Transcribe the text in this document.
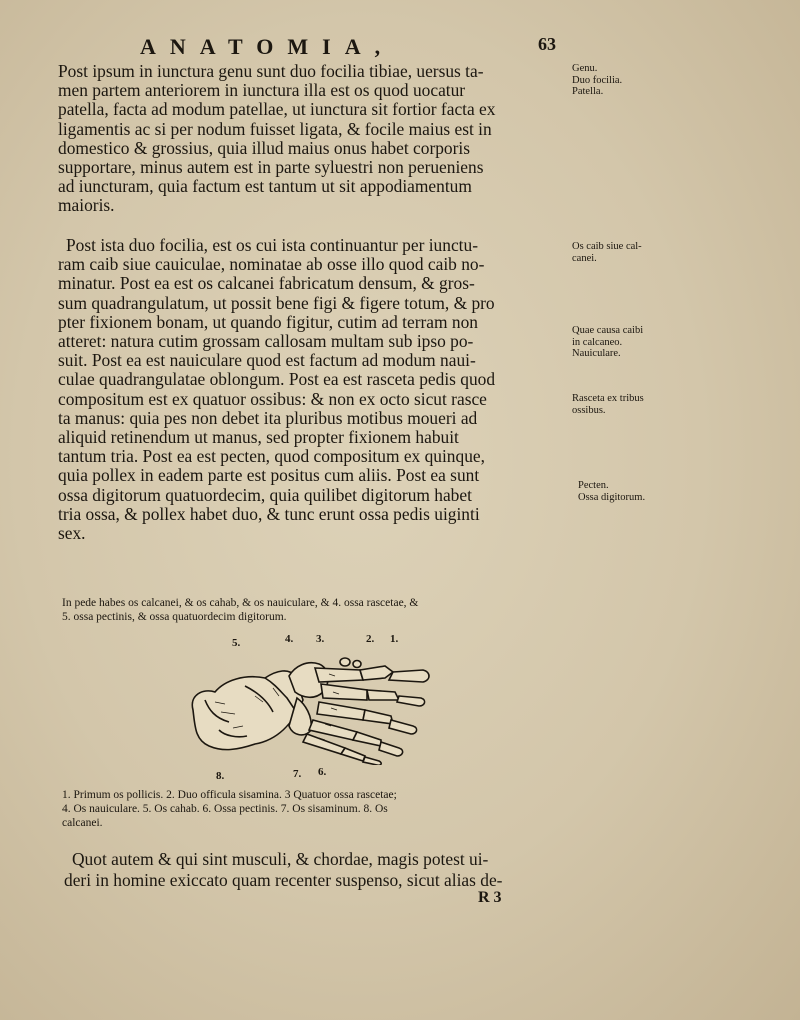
ANATOMIA,	63
Post ipsum in iunctura genu sunt duo focilia tibiae, uersus ta-
men partem anteriorem in iunctura illa est os quod uocatur
patella, facta ad modum patellae, ut iunctura sit fortior facta ex
ligamentis ac si per nodum fuisset ligata, & focile maius est in
domestico & grossius, quia illud maius onus habet corporis
supportare, minus autem est in parte syluestri non perueniens
ad iuncturam, quia factum est tantum ut sit appodiamentum
maioris.
Post ista duo focilia, est os cui ista continuantur per iunctu-
ram caib siue cauiculae, nominatae ab osse illo quod caib no-
minatur. Post ea est os calcanei fabricatum densum, & gros-
sum quadrangulatum, ut possit bene figi & figere totum, & pro
pter fixionem bonam, ut quando figitur, cutim ad terram non
atteret: natura cutim grossam callosam multam sub ipso po-
suit. Post ea est nauiculare quod est factum ad modum naui-
culae quadrangulatae oblongum. Post ea est rasceta pedis quod
compositum est ex quatuor ossibus: & non ex octo sicut rasce
ta manus: quia pes non debet ita pluribus motibus moueri ad
aliquid retinendum ut manus, sed propter fixionem habuit
tantum tria. Post ea est pecten, quod compositum ex quinque,
quia pollex in eadem parte est positus cum aliis. Post ea sunt
ossa digitorum quatuordecim, quia quilibet digitorum habet
tria ossa, & pollex habet duo, & tunc erunt ossa pedis uiginti
sex.
Genu.
Duo focilia.
Patella.
Os caib siue cal-
canei.
Quae causa caibi
in calcaneo.
Nauiculare.
Rasceta ex tribus
ossibus.
Pecten.
Ossa digitorum.
In pede habes os calcanei, & os cahab, & os nauiculare, & 4. ossa rascetae, &
5. ossa pectinis, & ossa quatuordecim digitorum.
5.	4. 3.	2. 1.
8.	7. 6.
1. Primum os pollicis. 2. Duo officula sisamina. 3 Quatuor ossa rascetae;
4. Os nauiculare. 5. Os cahab. 6. Ossa pectinis. 7. Os sisaminum. 8. Os
calcanei.
Quot autem & qui sint musculi, & chordae, magis potest ui-
deri in homine exiccato quam recenter suspenso, sicut alias de-
R 3
